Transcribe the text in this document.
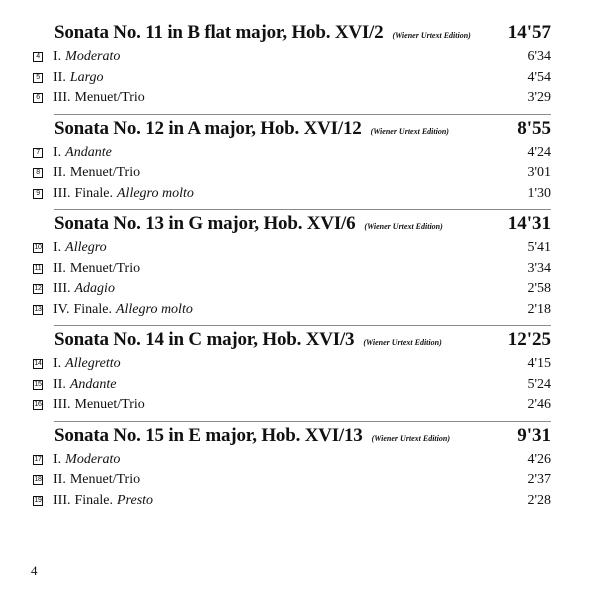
Sonata No. 11 in B flat major, Hob. XVI/2 (Wiener Urtext Edition) 14'57
4 I. Moderato	6'34
5 II. Largo	4'54
6 III. Menuet/Trio	3'29
Sonata No. 12 in A major, Hob. XVI/12 (Wiener Urtext Edition)	8'55
7 I. Andante	4'24
8 II. Menuet/Trio	3'01
9 III. Finale. Allegro molto	1'30
Sonata No. 13 in G major, Hob. XVI/6 (Wiener Urtext Edition)	14'31
10 I. Allegro	5'41
11 II. Menuet/Trio	3'34
12 III. Adagio	2'58
13 IV. Finale. Allegro molto	2'18
Sonata No. 14 in C major, Hob. XVI/3 (Wiener Urtext Edition)	12'25
14 I. Allegretto	4'15
15 II. Andante	5'24
16 III. Menuet/Trio	2'46
Sonata No. 15 in E major, Hob. XVI/13 (Wiener Urtext Edition)	9'31
17 I. Moderato	4'26
18 II. Menuet/Trio	2'37
19 III. Finale. Presto	2'28
4
